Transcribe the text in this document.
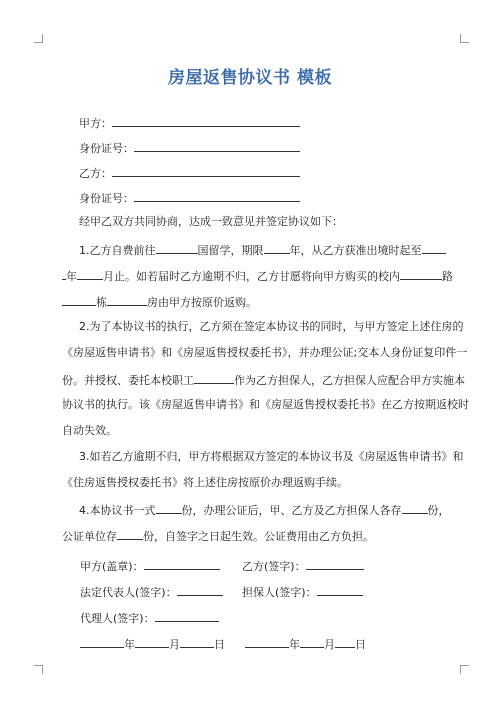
房屋返售协议书 模板
甲方：
身份证号：
乙方：
身份证号：
经甲乙双方共同协商，达成一致意见并签定协议如下：
1.乙方自费前往	国留学，期限 年，从乙方获准出境时起至
年 月止。如若届时乙方逾期不归，乙方甘愿将向甲方购买的校内	路
栋	房由甲方按原价返购。
2.为了本协议书的执行，乙方须在签定本协议书的同时，与甲方签定上述住房的
《房屋返售申请书》和《房屋返售授权委托书》，并办理公证;交本人身份证复印件一
份。并授权、委托本校职工	作为乙方担保人，乙方担保人应配合甲方实施本
协议书的执行。该《房屋返售申请书》和《房屋返售授权委托书》在乙方按期返校时
自动失效。
3.如若乙方逾期不归，甲方将根据双方签定的本协议书及《房屋返售申请书》和
《住房返售授权委托书》将上述住房按原价办理返购手续。
4.本协议书一式 份，办理公证后，甲、乙方及乙方担保人各存 份，
公证单位存 份，自签字之日起生效。公证费用由乙方负担。
甲方(盖章)：	乙方(签字)：
法定代表人(签字)：	担保人(签字)：
代理人(签字)：
年	月	日	年 月 日
